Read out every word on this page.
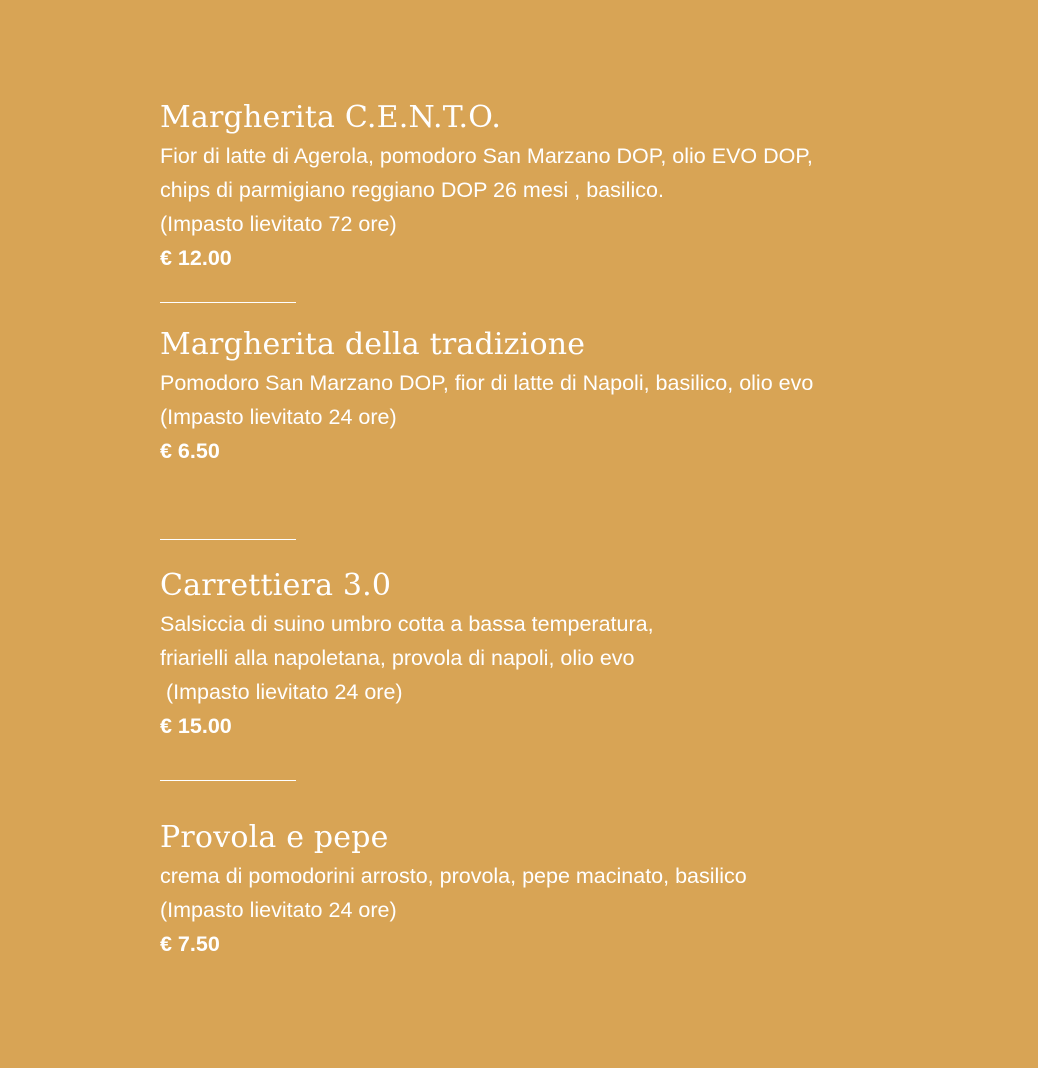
Margherita C.E.N.T.O.
Fior di latte di Agerola, pomodoro San Marzano DOP, olio EVO DOP,
chips di parmigiano reggiano DOP 26 mesi , basilico.
(Impasto lievitato 72 ore)
€ 12.00
Margherita della tradizione
Pomodoro San Marzano DOP, fior di latte di Napoli, basilico, olio evo
(Impasto lievitato 24 ore)
€ 6.50
Carrettiera 3.0
Salsiccia di suino umbro cotta a bassa temperatura,
friarielli alla napoletana, provola di napoli, olio evo
(Impasto lievitato 24 ore)
€ 15.00
Provola e pepe
crema di pomodorini arrosto, provola, pepe macinato, basilico
(Impasto lievitato 24 ore)
€ 7.50
